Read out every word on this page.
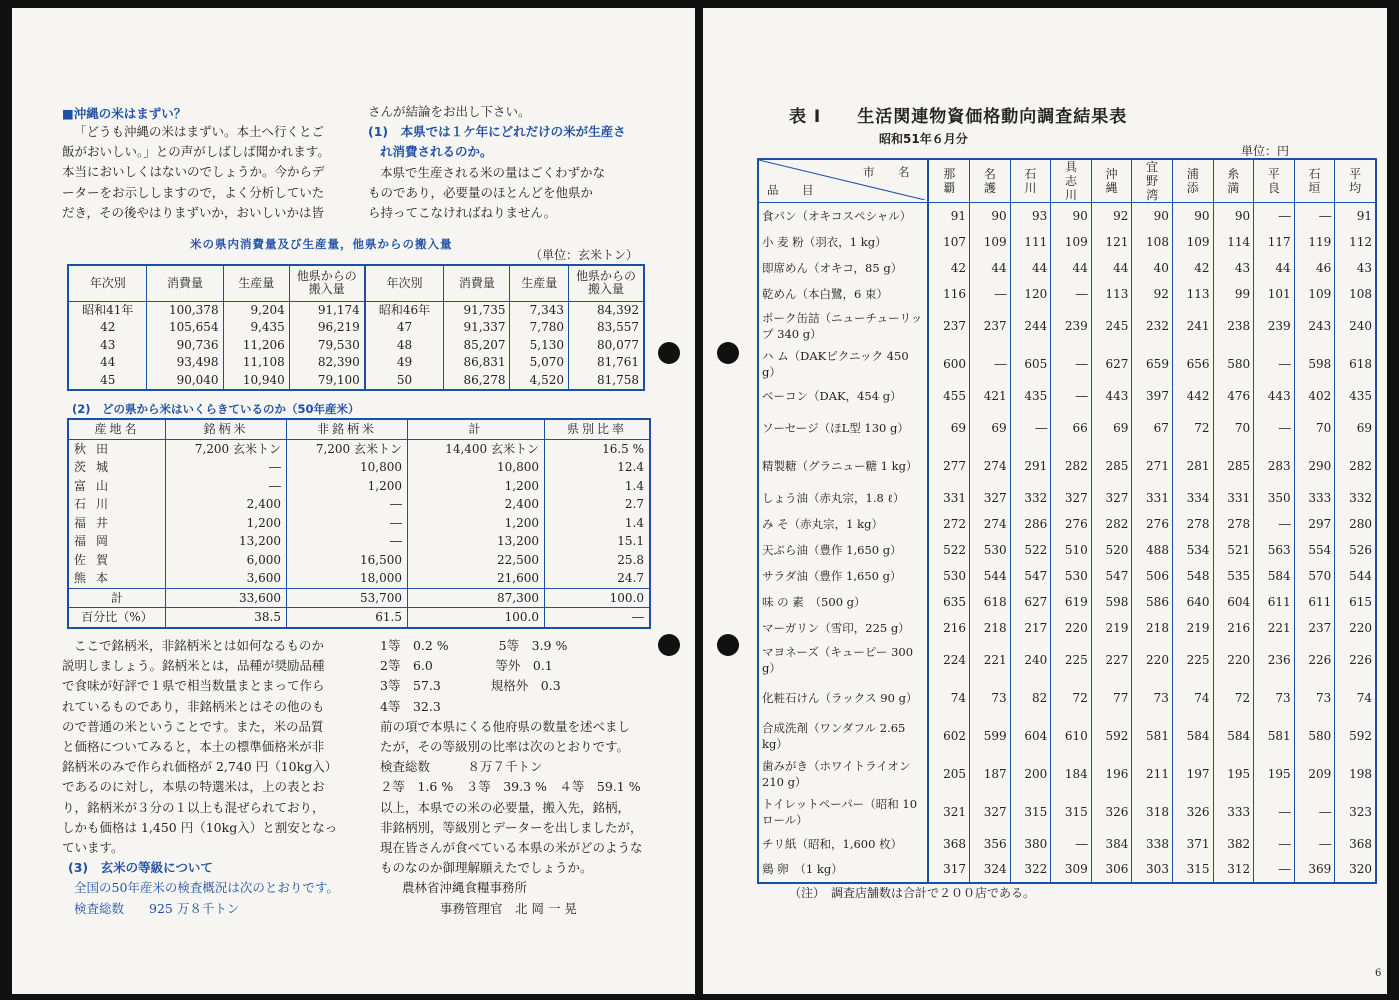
■沖縄の米はまずい？
「どうも沖縄の米はまずい。本土へ行くとご
飯がおいしい。」との声がしばしば聞かれます。
本当においしくはないのでしょうか。今からデ
ーターをお示ししますので，よく分析していた
だき，その後やはりまずいか，おいしいかは皆
さんが結論をお出し下さい。
(1)　本県では１ケ年にどれだけの米が生産さ
れ消費されるのか。
本県で生産される米の量はごくわずかな
ものであり，必要量のほとんどを他県か
ら持ってこなければねりません。
米の県内消費量及び生産量，他県からの搬入量
（単位：玄米トン）
年次別	消費量	生産量	他県からの搬入量	年次別	消費量	生産量	他県からの搬入量
昭和41年	100,378	9,204	91,174	昭和46年	91,735	7,343	84,392
42	105,654	9,435	96,219	47	91,337	7,780	83,557
43	90,736	11,206	79,530	48	85,207	5,130	80,077
44	93,498	11,108	82,390	49	86,831	5,070	81,761
45	90,040	10,940	79,100	50	86,278	4,520	81,758
(2)　どの県から米はいくらきているのか（50年産米）
産地名	銘柄米	非銘柄米	計	県別比率
秋田	7,200 玄米トン	7,200 玄米トン	14,400 玄米トン	16.5 %
茨城	―	10,800	10,800	12.4
富山	―	1,200	1,200	1.4
石川	2,400	―	2,400	2.7
福井	1,200	―	1,200	1.4
福岡	13,200	―	13,200	15.1
佐賀	6,000	16,500	22,500	25.8
熊本	3,600	18,000	21,600	24.7
計	33,600	53,700	87,300	100.0
百分比（%）	38.5	61.5	100.0	―
ここで銘柄米，非銘柄米とは如何なるものか
説明しましょう。銘柄米とは，品種が奨励品種
で食味が好評で１県で相当数量まとまって作ら
れているものであり，非銘柄米とはその他のも
ので普通の米ということです。また，米の品質
と価格についてみると，本土の標準価格米が非
銘柄米のみで作られ価格が 2,740 円（10kg入）
であるのに対し，本県の特選米は，上の表とお
り，銘柄米が３分の１以上も混ぜられており，
しかも価格は 1,450 円（10kg入）と割安となっ
ています。
(3)　玄米の等級について
全国の50年産米の検査概況は次のとおりです。
検査総数　　925 万８千トン
1等　0.2 %　　　　5等　3.9 %
2等　6.0　　　　　等外　0.1
3等　57.3　　　　規格外　0.3
4等　32.3
前の項で本県にくる他府県の数量を述べまし
たが，その等級別の比率は次のとおりです。
検査総数　　　８万７千トン
２等　1.6 %　３等　39.3 %　４等　59.1 %
以上，本県での米の必要量，搬入先，銘柄，
非銘柄別，等級別とデーターを出しましたが，
現在皆さんが食べている本県の米がどのような
ものなのか御理解願えたでしょうか。
農林省沖縄食糧事務所
事務管理官　北 岡 一 晃
表 I　　生活関連物資価格動向調査結果表
昭和51年６月分
単位：円
市　名
品　目	那覇	名護	石川	具志川	沖縄	宜野湾	浦添	糸満	平良	石垣	平均
食パン（オキコスペシャル）	91	90	93	90	92	90	90	90	―	―	91
小 麦 粉（羽衣，1 kg）	107	109	111	109	121	108	109	114	117	119	112
即席めん（オキコ，85 g）	42	44	44	44	44	40	42	43	44	46	43
乾めん（本白鷺，6 束）	116	―	120	―	113	92	113	99	101	109	108
ポーク缶詰（ニューチューリップ 340 g）	237	237	244	239	245	232	241	238	239	243	240
ハ ム（DAKピクニック 450 g）	600	―	605	―	627	659	656	580	―	598	618
ベーコン（DAK，454 g）	455	421	435	―	443	397	442	476	443	402	435
ソーセージ（ほL型 130 g）	69	69	―	66	69	67	72	70	―	70	69
精製糖（グラニュー糖 1 kg）	277	274	291	282	285	271	281	285	283	290	282
しょう油（赤丸宗，1.8 ℓ）	331	327	332	327	327	331	334	331	350	333	332
み そ（赤丸宗，1 kg）	272	274	286	276	282	276	278	278	―	297	280
天ぷら油（豊作 1,650 g）	522	530	522	510	520	488	534	521	563	554	526
サラダ油（豊作 1,650 g）	530	544	547	530	547	506	548	535	584	570	544
味 の 素　（500 g）	635	618	627	619	598	586	640	604	611	611	615
マーガリン（雪印，225 g）	216	218	217	220	219	218	219	216	221	237	220
マヨネーズ（キューピー 300 g）	224	221	240	225	227	220	225	220	236	226	226
化粧石けん（ラックス 90 g）	74	73	82	72	77	73	74	72	73	73	74
合成洗剤（ワンダフル 2.65 kg）	602	599	604	610	592	581	584	584	581	580	592
歯みがき（ホワイトライオン 210 g）	205	187	200	184	196	211	197	195	195	209	198
トイレットペーパー（昭和 10ロール）	321	327	315	315	326	318	326	333	―	―	323
チリ紙（昭和，1,600 枚）	368	356	380	―	384	338	371	382	―	―	368
鶏 卵　（1 kg）	317	324	322	309	306	303	315	312	―	369	320
（注）　調査店舗数は合計で２００店である。
6
